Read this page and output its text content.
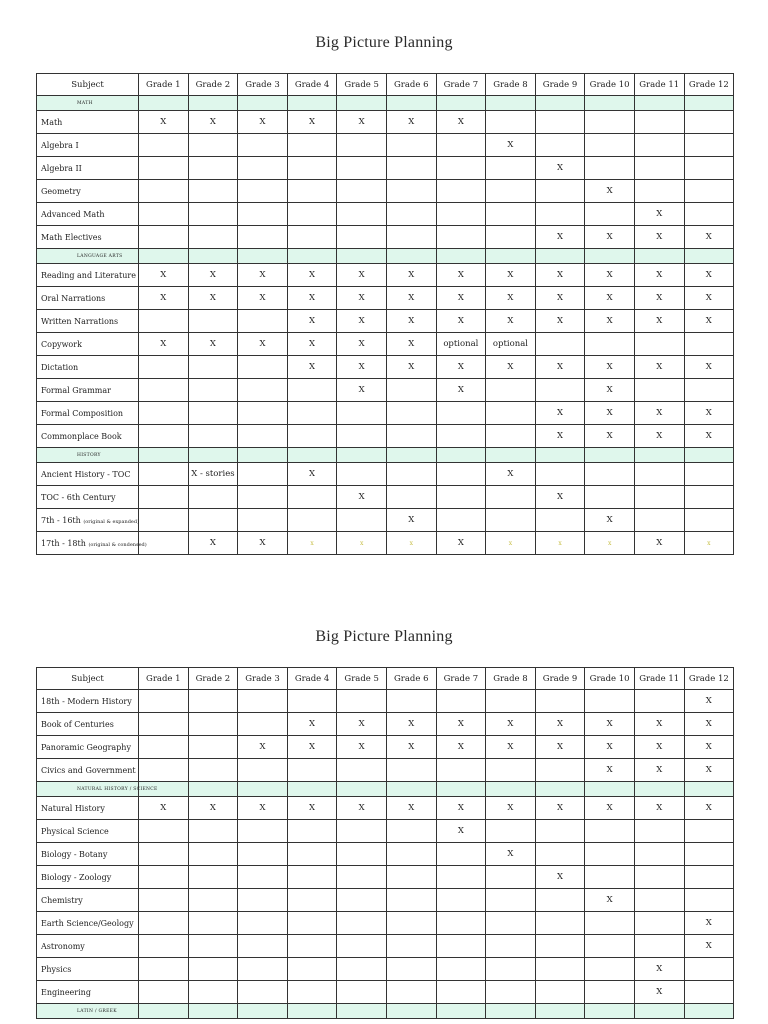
Big Picture Planning
Subject	Grade 1	Grade 2	Grade 3	Grade 4	Grade 5	Grade 6	Grade 7	Grade 8	Grade 9	Grade 10	Grade 11	Grade 12
MATH												
Math	X	X	X	X	X	X	X					
Algebra I								X				
Algebra II									X			
Geometry										X		
Advanced Math											X	
Math Electives									X	X	X	X
LANGUAGE ARTS												
Reading and Literature	X	X	X	X	X	X	X	X	X	X	X	X
Oral Narrations	X	X	X	X	X	X	X	X	X	X	X	X
Written Narrations				X	X	X	X	X	X	X	X	X
Copywork	X	X	X	X	X	X	optional	optional				
Dictation				X	X	X	X	X	X	X	X	X
Formal Grammar					X		X			X		
Formal Composition									X	X	X	X
Commonplace Book									X	X	X	X
HISTORY												
Ancient History - TOC		X - stories		X				X				
TOC - 6th Century					X				X			
7th - 16th (original & expanded)						X				X		
17th - 18th (original & condensed)		X	X	x	x	x	X	x	x	x	X	x
Big Picture Planning
Subject	Grade 1	Grade 2	Grade 3	Grade 4	Grade 5	Grade 6	Grade 7	Grade 8	Grade 9	Grade 10	Grade 11	Grade 12
18th - Modern History												X
Book of Centuries				X	X	X	X	X	X	X	X	X
Panoramic Geography			X	X	X	X	X	X	X	X	X	X
Civics and Government										X	X	X
NATURAL HISTORY / SCIENCE												
Natural History	X	X	X	X	X	X	X	X	X	X	X	X
Physical Science							X					
Biology - Botany								X				
Biology - Zoology									X			
Chemistry										X		
Earth Science/Geology												X
Astronomy												X
Physics											X	
Engineering											X	
LATIN / GREEK												
